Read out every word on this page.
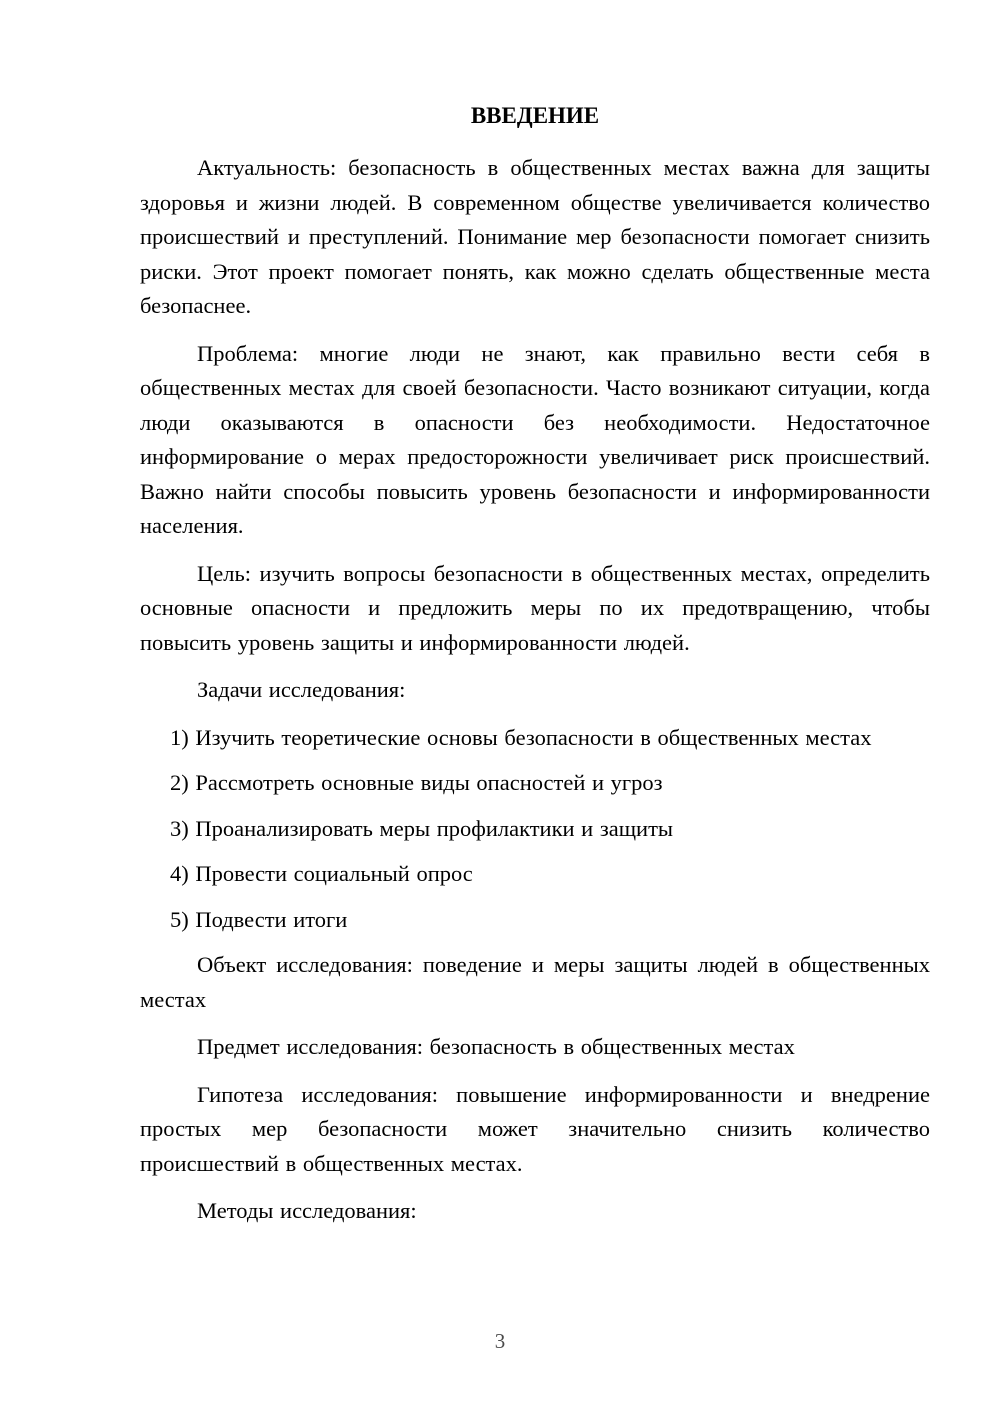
ВВЕДЕНИЕ

Актуальность: безопасность в общественных местах важна для защиты здоровья и жизни людей. В современном обществе увеличивается количество происшествий и преступлений. Понимание мер безопасности помогает снизить риски. Этот проект помогает понять, как можно сделать общественные места безопаснее.

Проблема: многие люди не знают, как правильно вести себя в общественных местах для своей безопасности. Часто возникают ситуации, когда люди оказываются в опасности без необходимости. Недостаточное информирование о мерах предосторожности увеличивает риск происшествий. Важно найти способы повысить уровень безопасности и информированности населения.

Цель: изучить вопросы безопасности в общественных местах, определить основные опасности и предложить меры по их предотвращению, чтобы повысить уровень защиты и информированности людей.

Задачи исследования:

1) Изучить теоретические основы безопасности в общественных местах

2) Рассмотреть основные виды опасностей и угроз

3) Проанализировать меры профилактики и защиты

4) Провести социальный опрос

5) Подвести итоги

Объект исследования: поведение и меры защиты людей в общественных местах

Предмет исследования: безопасность в общественных местах

Гипотеза исследования: повышение информированности и внедрение простых мер безопасности может значительно снизить количество происшествий в общественных местах.

Методы исследования:

3
